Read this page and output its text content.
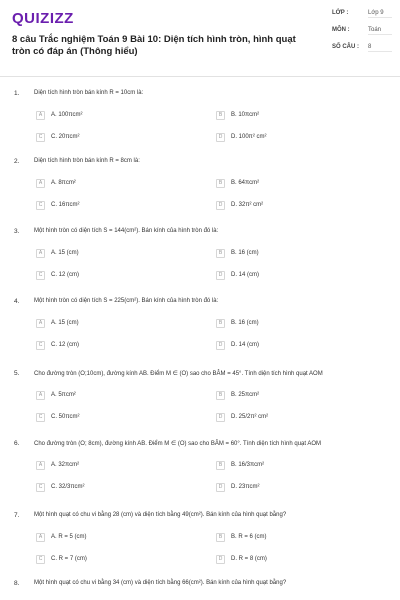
QUIZIZZ
8 câu Trắc nghiệm Toán 9 Bài 10: Diện tích hình tròn, hình quạt tròn có đáp án (Thông hiểu)
LỚP :	Lớp 9
MÔN :	Toán
SỐ CÂU : 8
1. Diện tích hình tròn bán kính R = 10cm là:
A	A. 100πcm²	B	B. 10πcm²
C	C. 20πcm²	D	D. 100π² cm²
2. Diện tích hình tròn bán kính R = 8cm là:
A	A. 8πcm²	B	B. 64πcm²
C	C. 16πcm²	D	D. 32π² cm²
3. Một hình tròn có diện tích S = 144(cm²). Bán kính của hình tròn đó là:
A	A. 15 (cm)	B	B. 16 (cm)
C	C. 12 (cm)	D	D. 14 (cm)
4. Một hình tròn có diện tích S = 225(cm²). Bán kính của hình tròn đó là:
A	A. 15 (cm)	B	B. 16 (cm)
C	C. 12 (cm)	D	D. 14 (cm)
5. Cho đường tròn (O;10cm), đường kính AB. Điểm M ∈ (O) sao cho BÂM = 45°. Tính diện tích hình quạt AOM
A	A. 5πcm²	B	B. 25πcm²
C	C. 50πcm²	D	D. 25/2π² cm²
6. Cho đường tròn (O; 8cm), đường kính AB. Điểm M ∈ (O) sao cho BÂM = 60°. Tính diện tích hình quạt AOM
A	A. 32πcm²	B	B. 16/3πcm²
C	C. 32/3πcm²	D	D. 23πcm²
7. Một hình quạt có chu vi bằng 28 (cm) và diện tích bằng 49(cm²). Bán kính của hình quạt bằng?
A	A. R = 5 (cm)	B	B. R = 6 (cm)
C	C. R = 7 (cm)	D	D. R = 8 (cm)
8. Một hình quạt có chu vi bằng 34 (cm) và diện tích bằng 66(cm²). Bán kính của hình quạt bằng?
